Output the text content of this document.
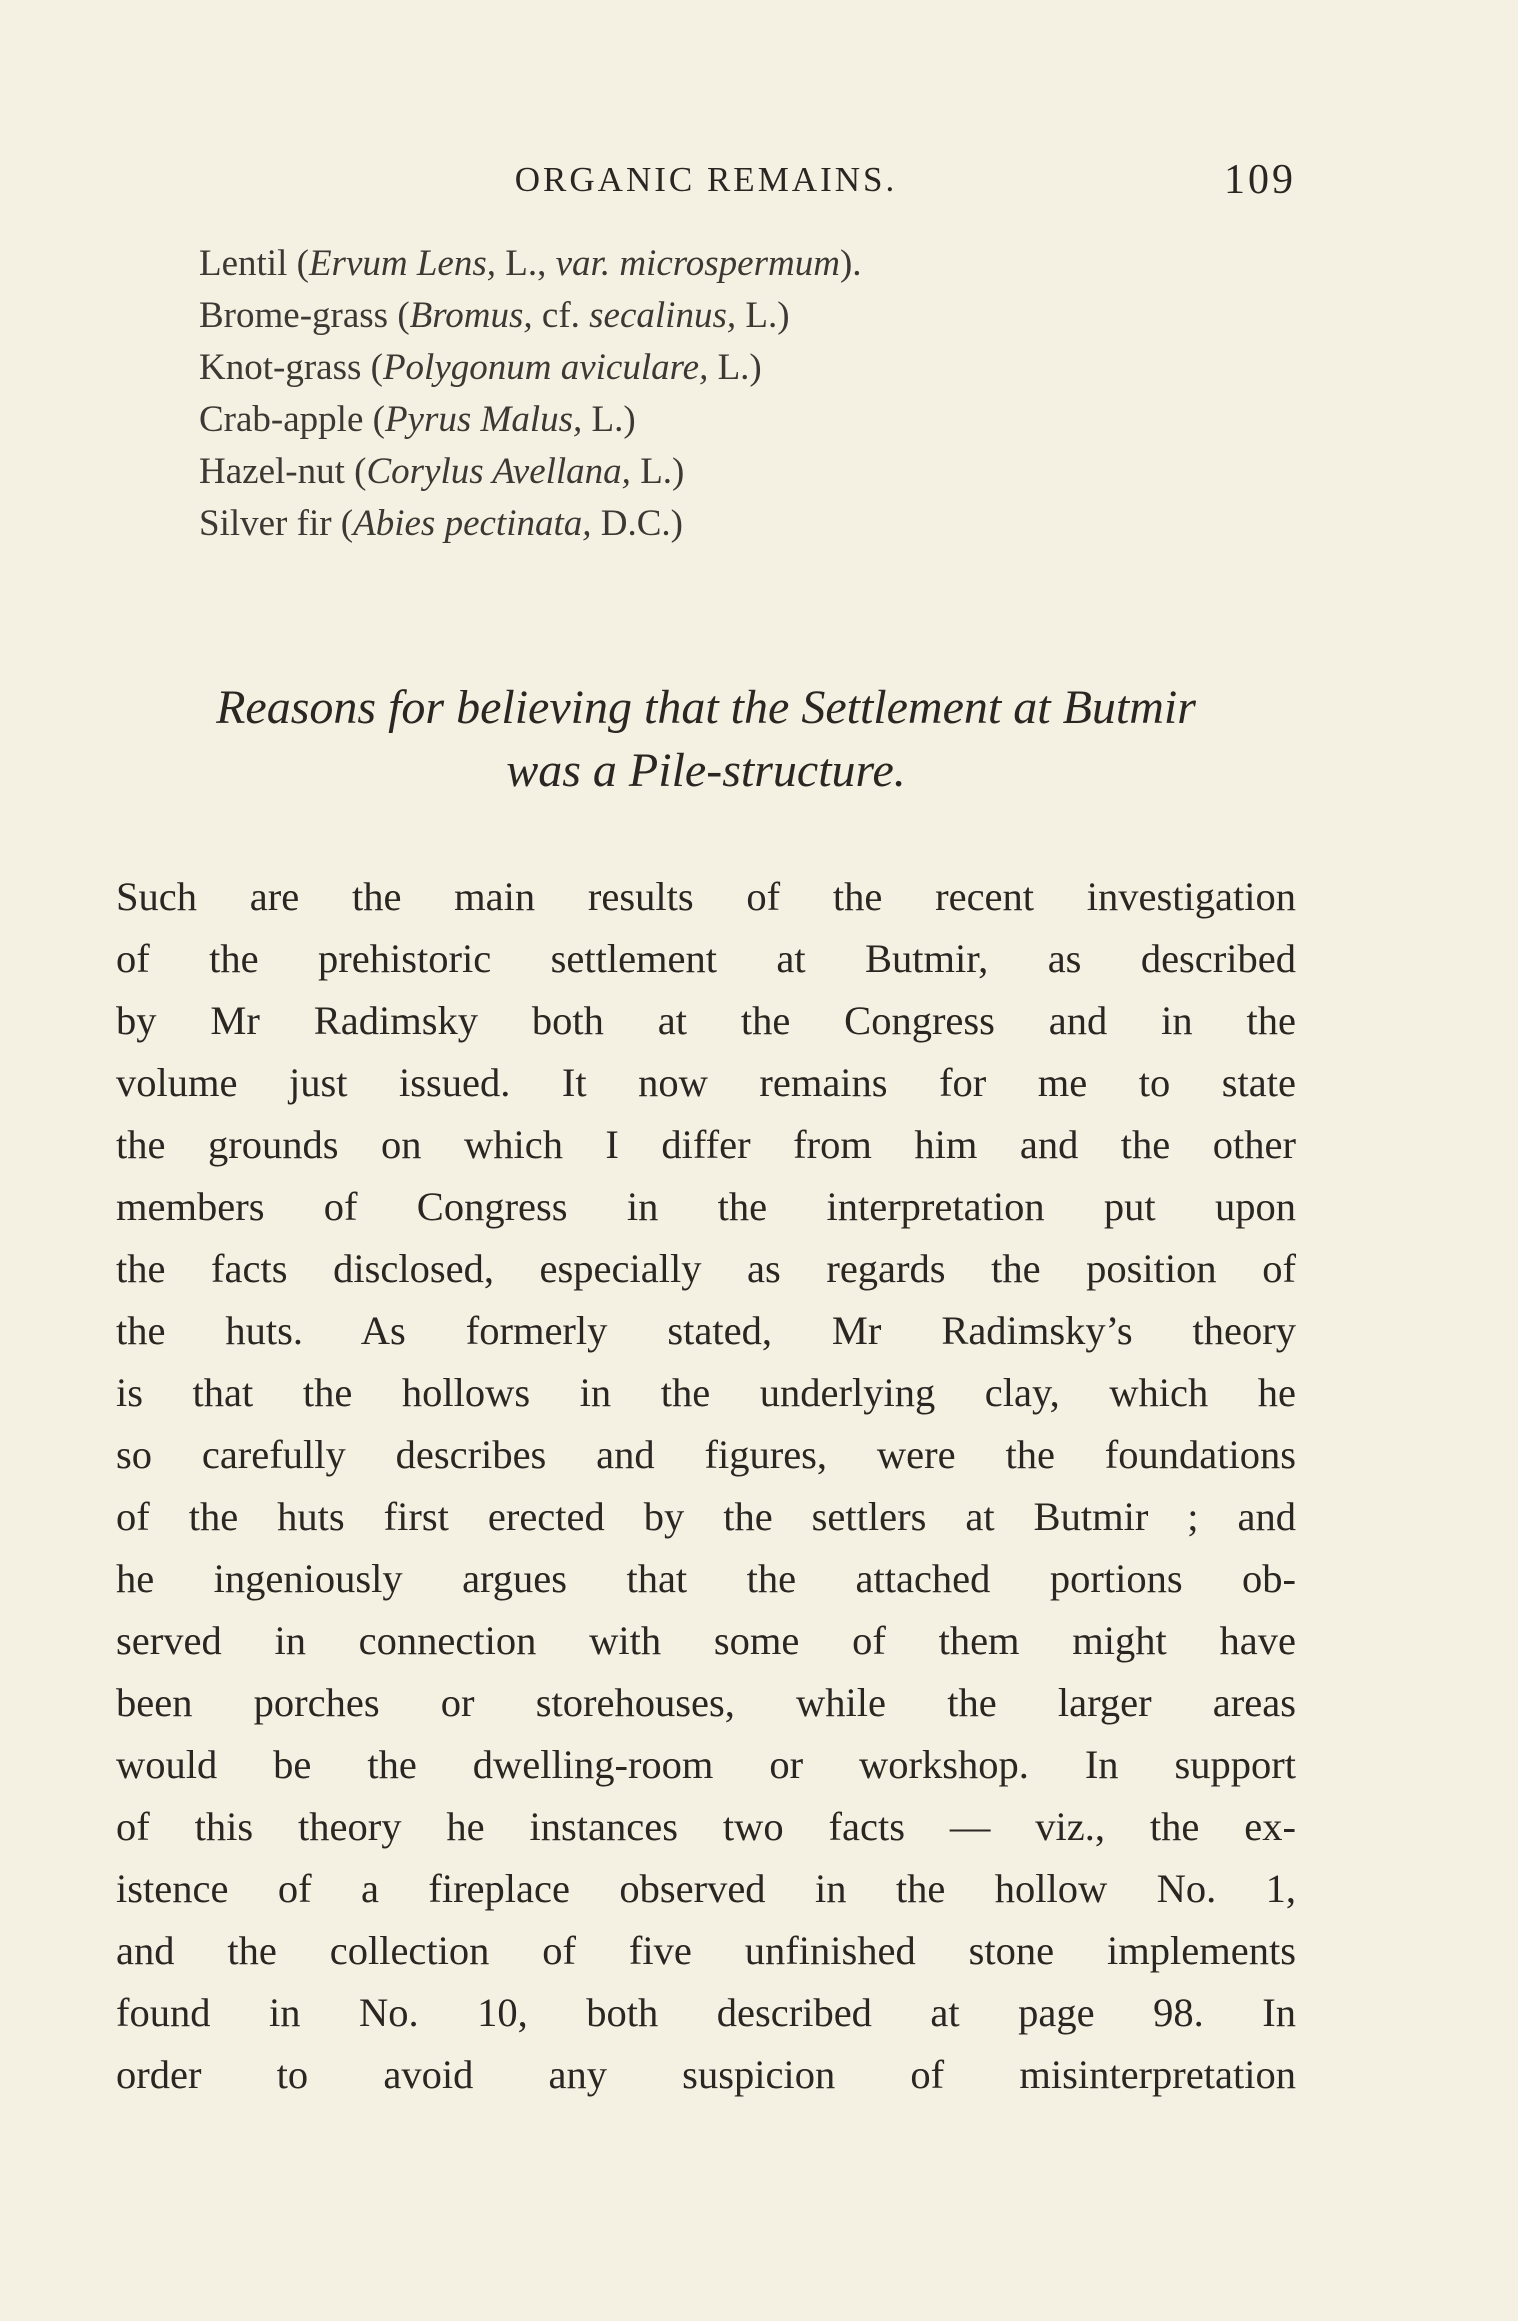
ORGANIC REMAINS.	109
Lentil (Ervum Lens, L., var. microspermum).
Brome-grass (Bromus, cf. secalinus, L.)
Knot-grass (Polygonum aviculare, L.)
Crab-apple (Pyrus Malus, L.)
Hazel-nut (Corylus Avellana, L.)
Silver fir (Abies pectinata, D.C.)
Reasons for believing that the Settlement at Butmir
was a Pile-structure.
Such are the main results of the recent investigation
of the prehistoric settlement at Butmir, as described
by Mr Radimsky both at the Congress and in the
volume just issued. It now remains for me to state
the grounds on which I differ from him and the other
members of Congress in the interpretation put upon
the facts disclosed, especially as regards the position of
the huts. As formerly stated, Mr Radimsky’s theory
is that the hollows in the underlying clay, which he
so carefully describes and figures, were the foundations
of the huts first erected by the settlers at Butmir ; and
he ingeniously argues that the attached portions ob-
served in connection with some of them might have
been porches or storehouses, while the larger areas
would be the dwelling-room or workshop. In support
of this theory he instances two facts — viz., the ex-
istence of a fireplace observed in the hollow No. 1,
and the collection of five unfinished stone implements
found in No. 10, both described at page 98. In
order to avoid any suspicion of misinterpretation
